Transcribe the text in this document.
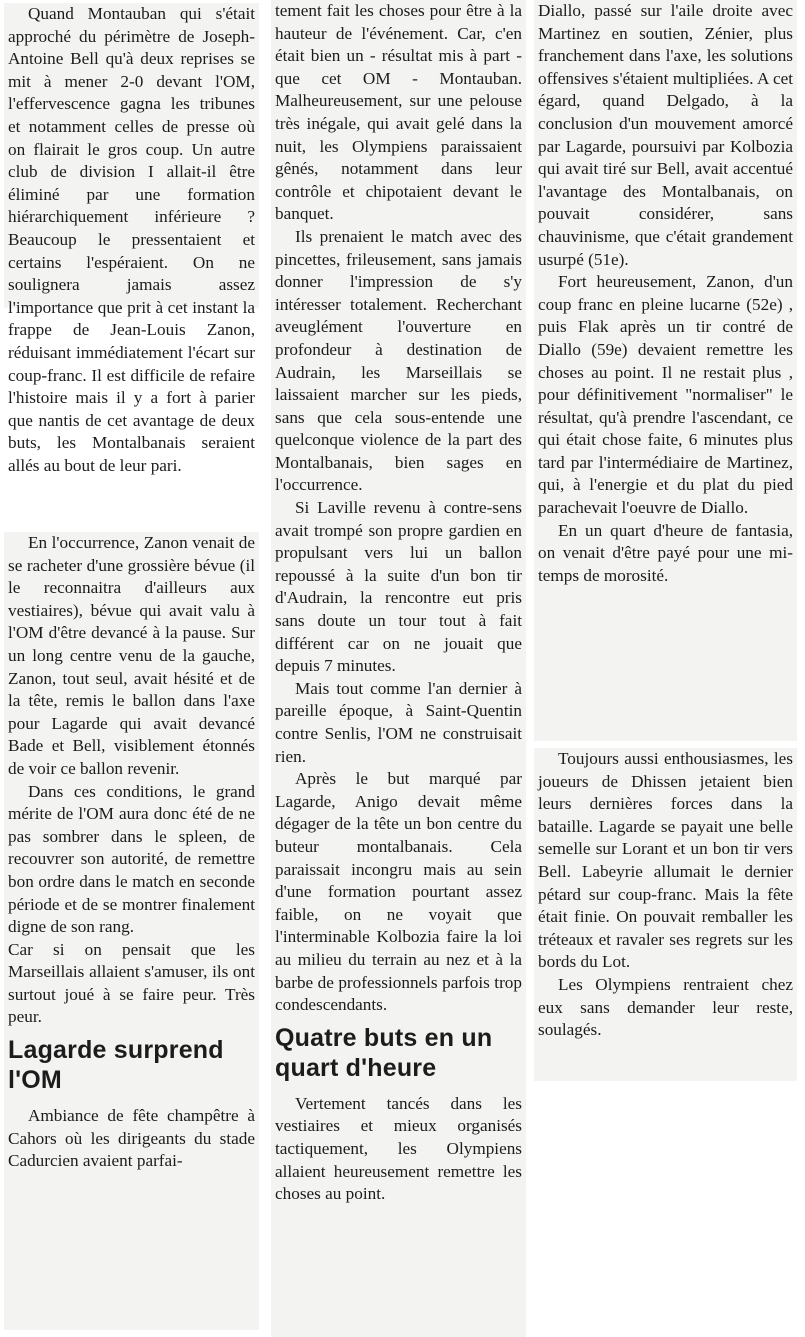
Quand Montauban qui s'était approché du périmètre de Joseph-Antoine Bell qu'à deux reprises se mit à mener 2-0 devant l'OM, l'effervescence gagna les tribunes et notamment celles de presse où on flairait le gros coup. Un autre club de division I allait-il être éliminé par une formation hiérarchiquement inférieure ? Beaucoup le pressentaient et certains l'espéraient. On ne soulignera jamais assez l'importance que prit à cet instant la frappe de Jean-Louis Zanon, réduisant immédiatement l'écart sur coup-franc. Il est difficile de refaire l'histoire mais il y a fort à parier que nantis de cet avantage de deux buts, les Montalbanais seraient allés au bout de leur pari.

En l'occurrence, Zanon venait de se racheter d'une grossière bévue (il le reconnaitra d'ailleurs aux vestiaires), bévue qui avait valu à l'OM d'être devancé à la pause. Sur un long centre venu de la gauche, Zanon, tout seul, avait hésité et de la tête, remis le ballon dans l'axe pour Lagarde qui avait devancé Bade et Bell, visiblement étonnés de voir ce ballon revenir.

Dans ces conditions, le grand mérite de l'OM aura donc été de ne pas sombrer dans le spleen, de recouvrer son autorité, de remettre bon ordre dans le match en seconde période et de se montrer finalement digne de son rang.

Car si on pensait que les Marseillais allaient s'amuser, ils ont surtout joué à se faire peur. Très peur.

Lagarde surprend l'OM

Ambiance de fête champêtre à Cahors où les dirigeants du stade Cadurcien avaient parfai-

tement fait les choses pour être à la hauteur de l'événement. Car, c'en était bien un - résultat mis à part - que cet OM - Montauban. Malheureusement, sur une pelouse très inégale, qui avait gelé dans la nuit, les Olympiens paraissaient gênés, notamment dans leur contrôle et chipotaient devant le banquet.

Ils prenaient le match avec des pincettes, frileusement, sans jamais donner l'impression de s'y intéresser totalement. Recherchant aveuglément l'ouverture en profondeur à destination de Audrain, les Marseillais se laissaient marcher sur les pieds, sans que cela sous-entende une quelconque violence de la part des Montalbanais, bien sages en l'occurrence.

Si Laville revenu à contre-sens avait trompé son propre gardien en propulsant vers lui un ballon repoussé à la suite d'un bon tir d'Audrain, la rencontre eut pris sans doute un tour tout à fait différent car on ne jouait que depuis 7 minutes.

Mais tout comme l'an dernier à pareille époque, à Saint-Quentin contre Senlis, l'OM ne construisait rien.

Après le but marqué par Lagarde, Anigo devait même dégager de la tête un bon centre du buteur montalbanais. Cela paraissait incongru mais au sein d'une formation pourtant assez faible, on ne voyait que l'interminable Kolbozia faire la loi au milieu du terrain au nez et à la barbe de professionnels parfois trop condescendants.

Quatre buts en un quart d'heure

Vertement tancés dans les vestiaires et mieux organisés tactiquement, les Olympiens allaient heureusement remettre les choses au point.

Diallo, passé sur l'aile droite avec Martinez en soutien, Zénier, plus franchement dans l'axe, les solutions offensives s'étaient multipliées. A cet égard, quand Delgado, à la conclusion d'un mouvement amorcé par Lagarde, poursuivi par Kolbozia qui avait tiré sur Bell, avait accentué l'avantage des Montalbanais, on pouvait considérer, sans chauvinisme, que c'était grandement usurpé (51e).

Fort heureusement, Zanon, d'un coup franc en pleine lucarne (52e) , puis Flak après un tir contré de Diallo (59e) devaient remettre les choses au point. Il ne restait plus , pour définitivement "normaliser" le résultat, qu'à prendre l'ascendant, ce qui était chose faite, 6 minutes plus tard par l'intermédiaire de Martinez, qui, à l'energie et du plat du pied parachevait l'oeuvre de Diallo.

En un quart d'heure de fantasia, on venait d'être payé pour une mi-temps de morosité.

Toujours aussi enthousiasmes, les joueurs de Dhissen jetaient bien leurs dernières forces dans la bataille. Lagarde se payait une belle semelle sur Lorant et un bon tir vers Bell. Labeyrie allumait le dernier pétard sur coup-franc. Mais la fête était finie. On pouvait remballer les tréteaux et ravaler ses regrets sur les bords du Lot.

Les Olympiens rentraient chez eux sans demander leur reste, soulagés.
